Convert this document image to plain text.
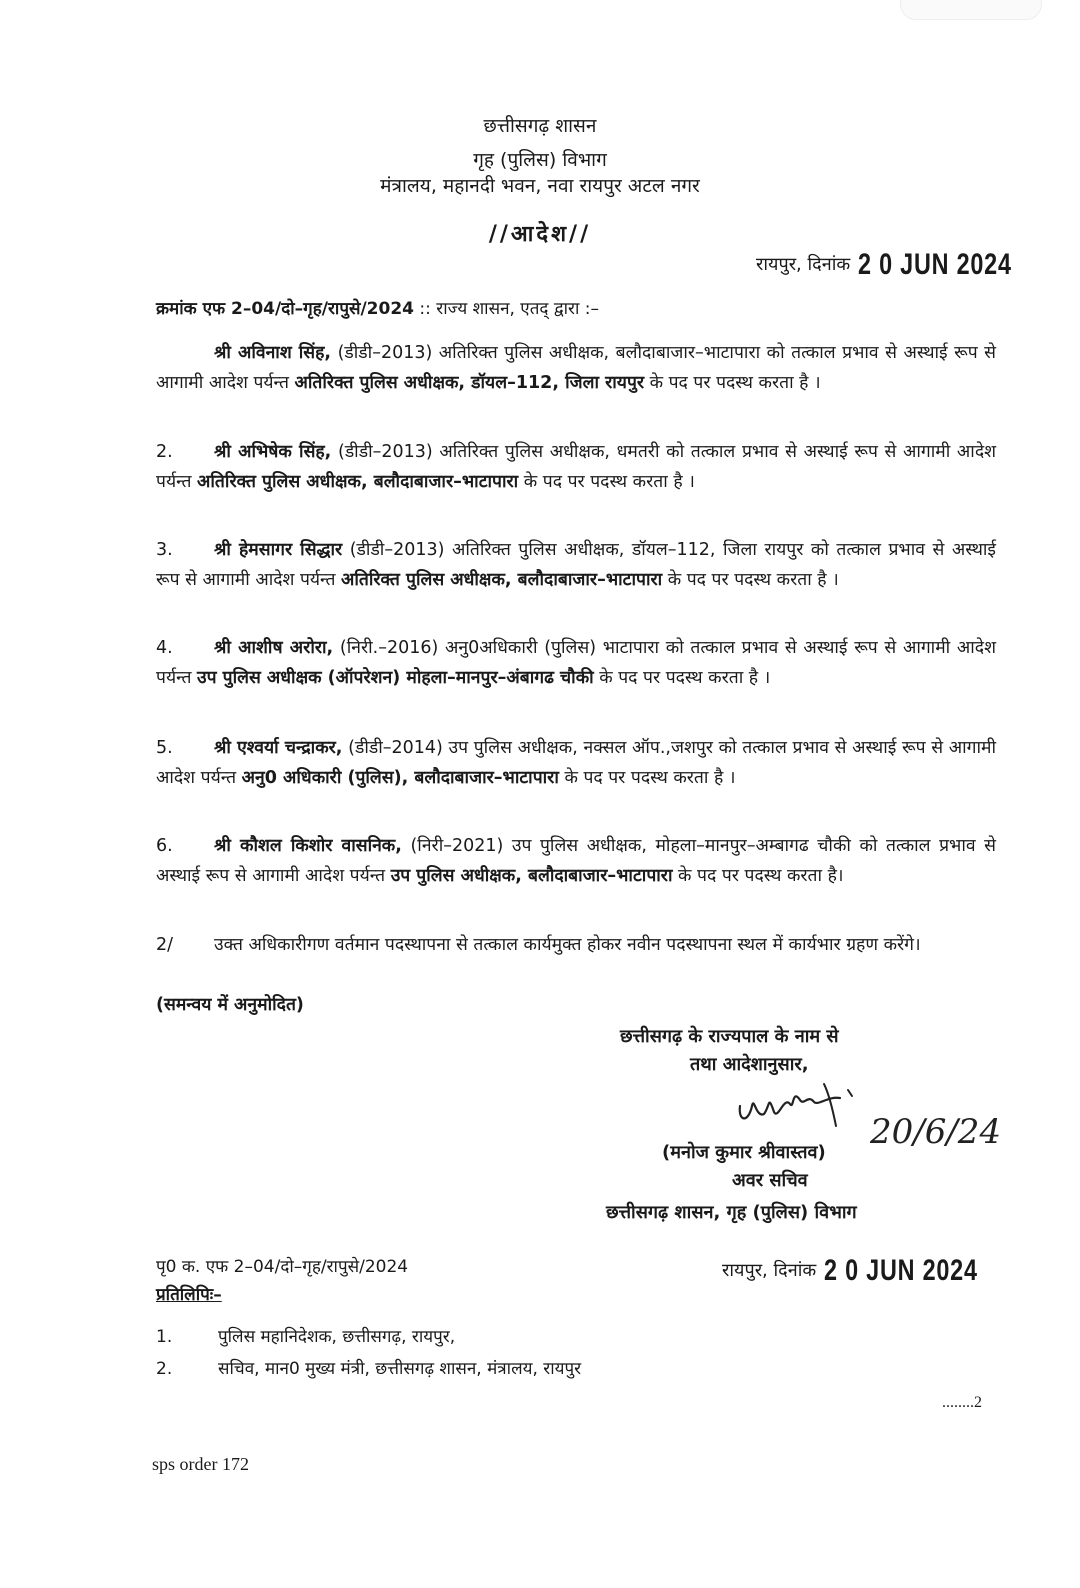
छत्तीसगढ़ शासन
गृह (पुलिस) विभाग
मंत्रालय, महानदी भवन, नवा रायपुर अटल नगर
//आदेश//
रायपुर, दिनांक 2 0 JUN 2024
क्रमांक एफ 2–04/दो–गृह/रापुसे/2024 :: राज्य शासन, एतद् द्वारा :–
श्री अविनाश सिंह, (डीडी–2013) अतिरिक्त पुलिस अधीक्षक, बलौदाबाजार–भाटापारा को तत्काल प्रभाव से अस्थाई रूप से आगामी आदेश पर्यन्त अतिरिक्त पुलिस अधीक्षक, डॉयल–112, जिला रायपुर के पद पर पदस्थ करता है ।
2. श्री अभिषेक सिंह, (डीडी–2013) अतिरिक्त पुलिस अधीक्षक, धमतरी को तत्काल प्रभाव से अस्थाई रूप से आगामी आदेश पर्यन्त अतिरिक्त पुलिस अधीक्षक, बलौदाबाजार–भाटापारा के पद पर पदस्थ करता है ।
3. श्री हेमसागर सिद्धार (डीडी–2013) अतिरिक्त पुलिस अधीक्षक, डॉयल–112, जिला रायपुर को तत्काल प्रभाव से अस्थाई रूप से आगामी आदेश पर्यन्त अतिरिक्त पुलिस अधीक्षक, बलौदाबाजार–भाटापारा के पद पर पदस्थ करता है ।
4. श्री आशीष अरोरा, (निरी.–2016) अनु0अधिकारी (पुलिस) भाटापारा को तत्काल प्रभाव से अस्थाई रूप से आगामी आदेश पर्यन्त उप पुलिस अधीक्षक (ऑपरेशन) मोहला–मानपुर–अंबागढ चौकी के पद पर पदस्थ करता है ।
5. श्री एश्वर्या चन्द्राकर, (डीडी–2014) उप पुलिस अधीक्षक, नक्सल ऑप.,जशपुर को तत्काल प्रभाव से अस्थाई रूप से आगामी आदेश पर्यन्त अनु0 अधिकारी (पुलिस), बलौदाबाजार–भाटापारा के पद पर पदस्थ करता है ।
6. श्री कौशल किशोर वासनिक, (निरी–2021) उप पुलिस अधीक्षक, मोहला–मानपुर–अम्बागढ चौकी को तत्काल प्रभाव से अस्थाई रूप से आगामी आदेश पर्यन्त उप पुलिस अधीक्षक, बलौदाबाजार–भाटापारा के पद पर पदस्थ करता है।
2/ उक्त अधिकारीगण वर्तमान पदस्थापना से तत्काल कार्यमुक्त होकर नवीन पदस्थापना स्थल में कार्यभार ग्रहण करेंगे।
(समन्वय में अनुमोदित)
छत्तीसगढ़ के राज्यपाल के नाम से
तथा आदेशानुसार,
20/6/24
(मनोज कुमार श्रीवास्तव)
अवर सचिव
छत्तीसगढ़ शासन, गृह (पुलिस) विभाग
पृ0 क. एफ 2–04/दो–गृह/रापुसे/2024	रायपुर, दिनांक 2 0 JUN 2024
प्रतिलिपिः–
1.	पुलिस महानिदेशक, छत्तीसगढ़, रायपुर,
2.	सचिव, मान0 मुख्य मंत्री, छत्तीसगढ़ शासन, मंत्रालय, रायपुर
........2
sps order 172
